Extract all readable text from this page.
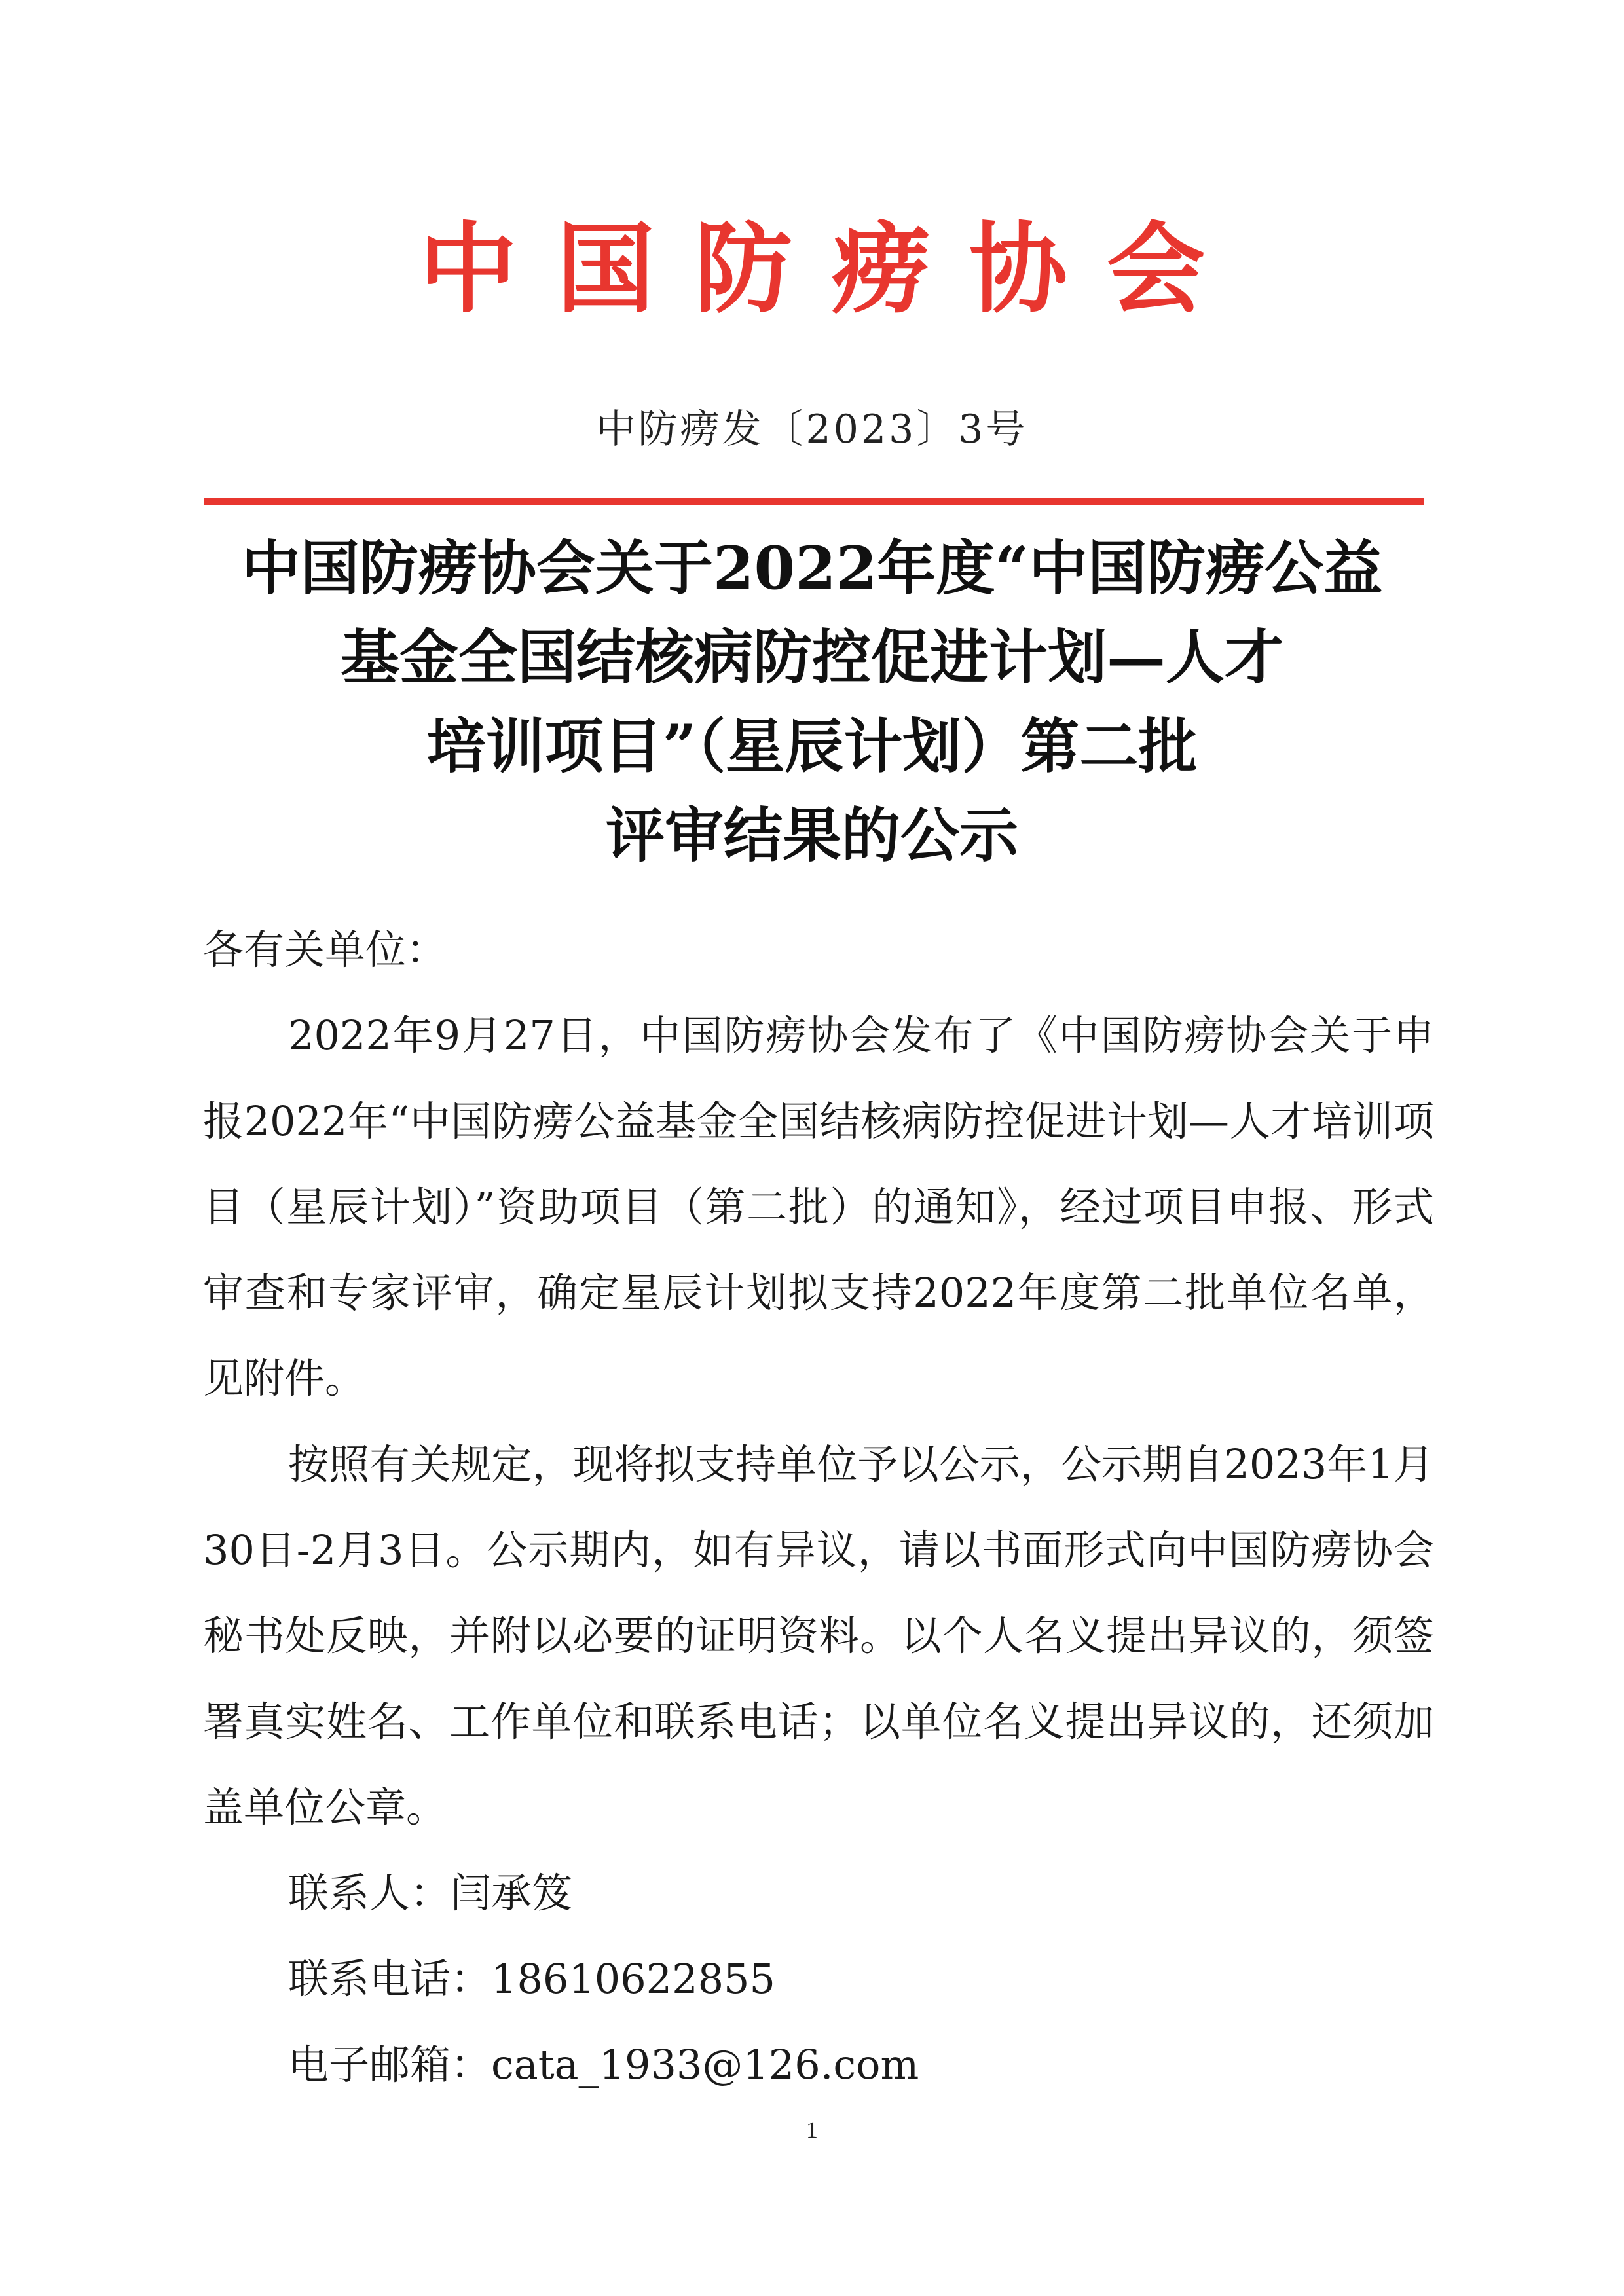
中国防痨协会
中防痨发〔2023〕3号
中国防痨协会关于2022年度“中国防痨公益
基金全国结核病防控促进计划—人才
培训项目”（星辰计划）第二批
评审结果的公示

各有关单位：

2022年9月27日，中国防痨协会发布了《中国防痨协会关于申报2022年“中国防痨公益基金全国结核病防控促进计划—人才培训项目（星辰计划）”资助项目（第二批）的通知》，经过项目申报、形式审查和专家评审，确定星辰计划拟支持2022年度第二批单位名单，见附件。

按照有关规定，现将拟支持单位予以公示，公示期自2023年1月30日-2月3日。公示期内，如有异议，请以书面形式向中国防痨协会秘书处反映，并附以必要的证明资料。以个人名义提出异议的，须签署真实姓名、工作单位和联系电话；以单位名义提出异议的，还须加盖单位公章。

联系人：闫承笈

联系电话：18610622855

电子邮箱：cata_1933@126.com

1
